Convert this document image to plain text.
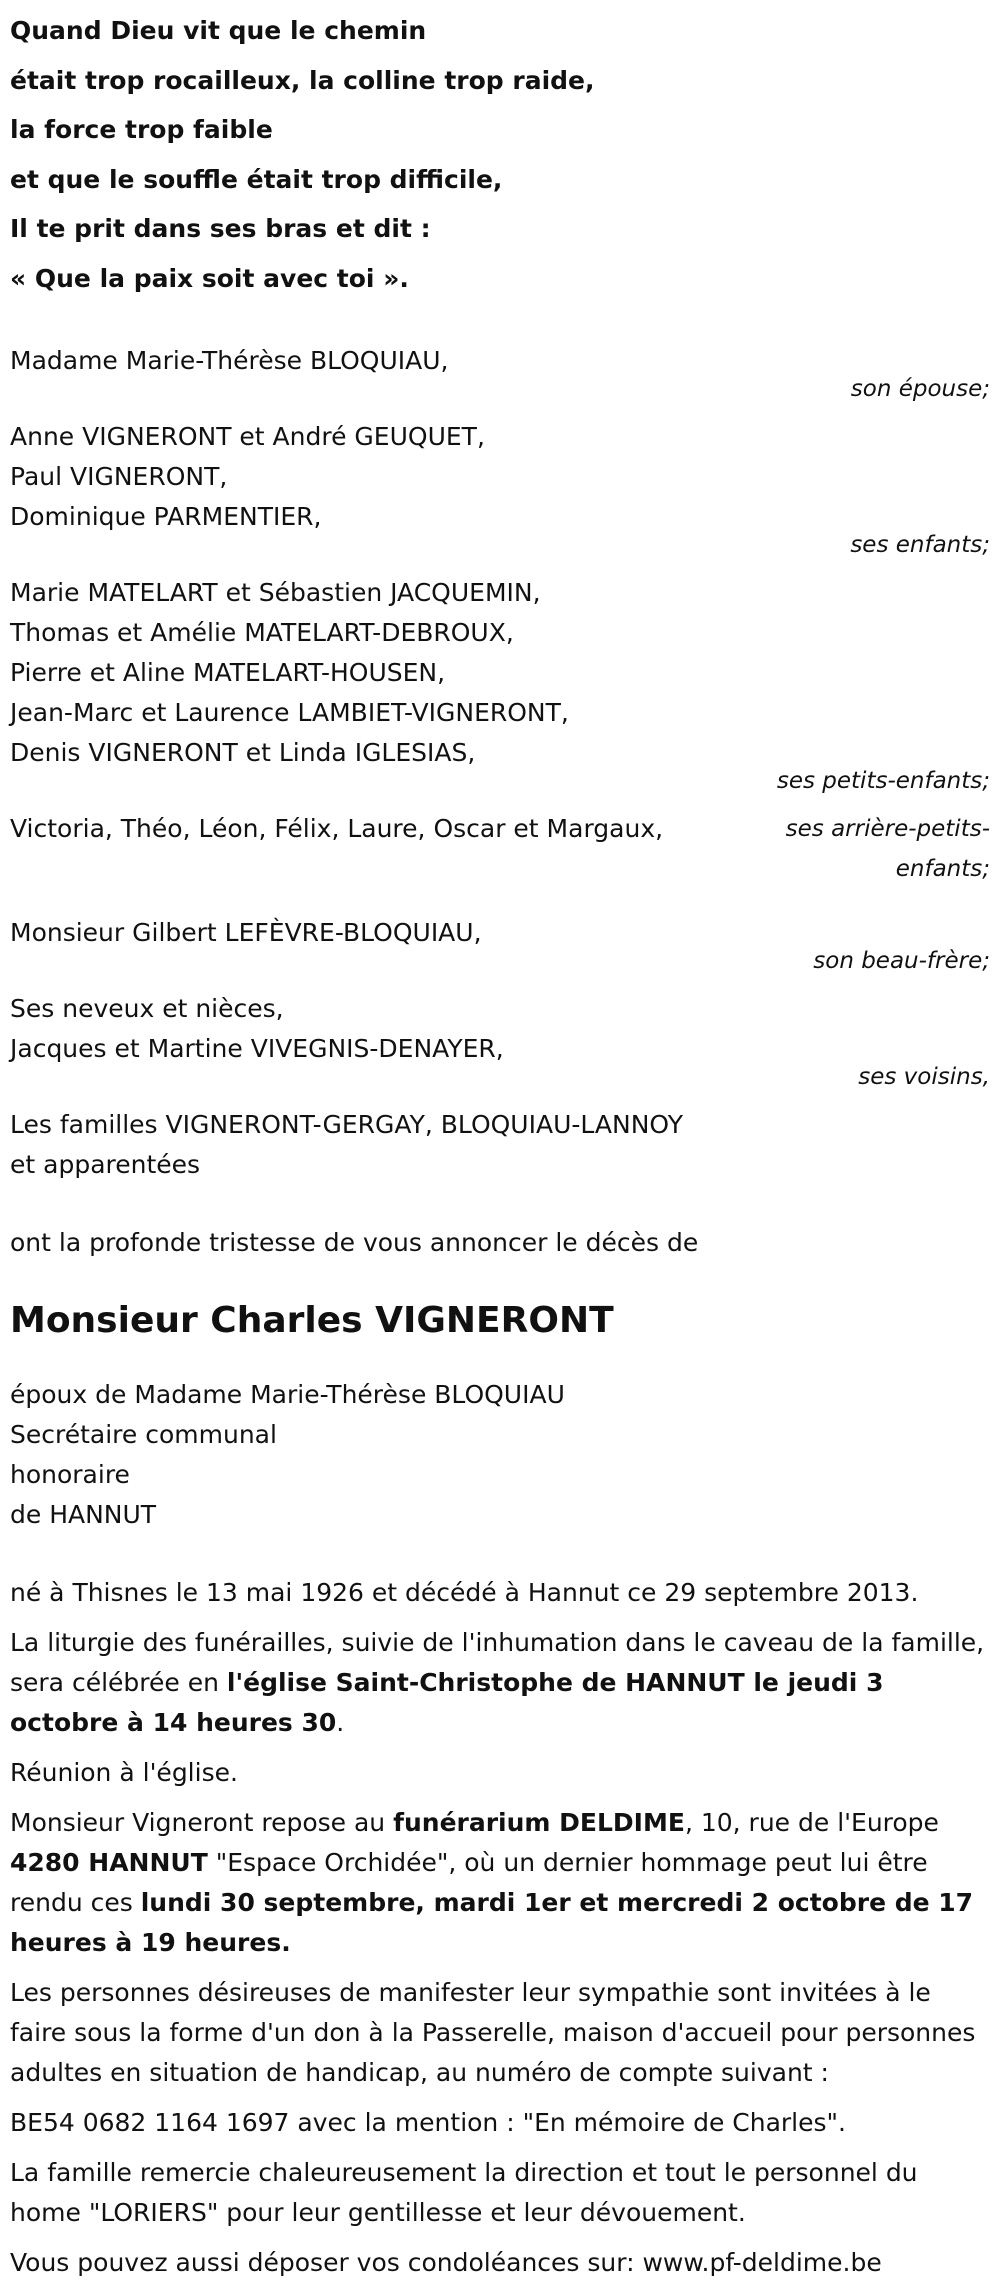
Quand Dieu vit que le chemin

était trop rocailleux, la colline trop raide,

la force trop faible

et que le souffle était trop difficile,

Il te prit dans ses bras et dit :

« Que la paix soit avec toi ».

Madame Marie-Thérèse BLOQUIAU,
son épouse;
Anne VIGNERONT et André GEUQUET,
Paul VIGNERONT,
Dominique PARMENTIER,
ses enfants;
Marie MATELART et Sébastien JACQUEMIN,
Thomas et Amélie MATELART-DEBROUX,
Pierre et Aline MATELART-HOUSEN,
Jean-Marc et Laurence LAMBIET-VIGNERONT,
Denis VIGNERONT et Linda IGLESIAS,
ses petits-enfants;
Victoria, Théo, Léon, Félix, Laure, Oscar et Margaux,	ses arrière-petits-
enfants;
Monsieur Gilbert LEFÈVRE-BLOQUIAU,
son beau-frère;
Ses neveux et nièces,
Jacques et Martine VIVEGNIS-DENAYER,
ses voisins,
Les familles VIGNERONT-GERGAY, BLOQUIAU-LANNOY
et apparentées
ont la profonde tristesse de vous annoncer le décès de
Monsieur Charles VIGNERONT
époux de Madame Marie-Thérèse BLOQUIAU
Secrétaire communal
honoraire
de HANNUT
né à Thisnes le 13 mai 1926 et décédé à Hannut ce 29 septembre 2013.
La liturgie des funérailles, suivie de l'inhumation dans le caveau de la famille, sera célébrée en l'église Saint-Christophe de HANNUT le jeudi 3 octobre à 14 heures 30.
Réunion à l'église.
Monsieur Vigneront repose au funérarium DELDIME, 10, rue de l'Europe 4280 HANNUT "Espace Orchidée", où un dernier hommage peut lui être rendu ces lundi 30 septembre, mardi 1er et mercredi 2 octobre de 17 heures à 19 heures.
Les personnes désireuses de manifester leur sympathie sont invitées à le faire sous la forme d'un don à la Passerelle, maison d'accueil pour personnes adultes en situation de handicap, au numéro de compte suivant :
BE54 0682 1164 1697 avec la mention : "En mémoire de Charles".
La famille remercie chaleureusement la direction et tout le personnel du home "LORIERS" pour leur gentillesse et leur dévouement.
Vous pouvez aussi déposer vos condoléances sur: www.pf-deldime.be
